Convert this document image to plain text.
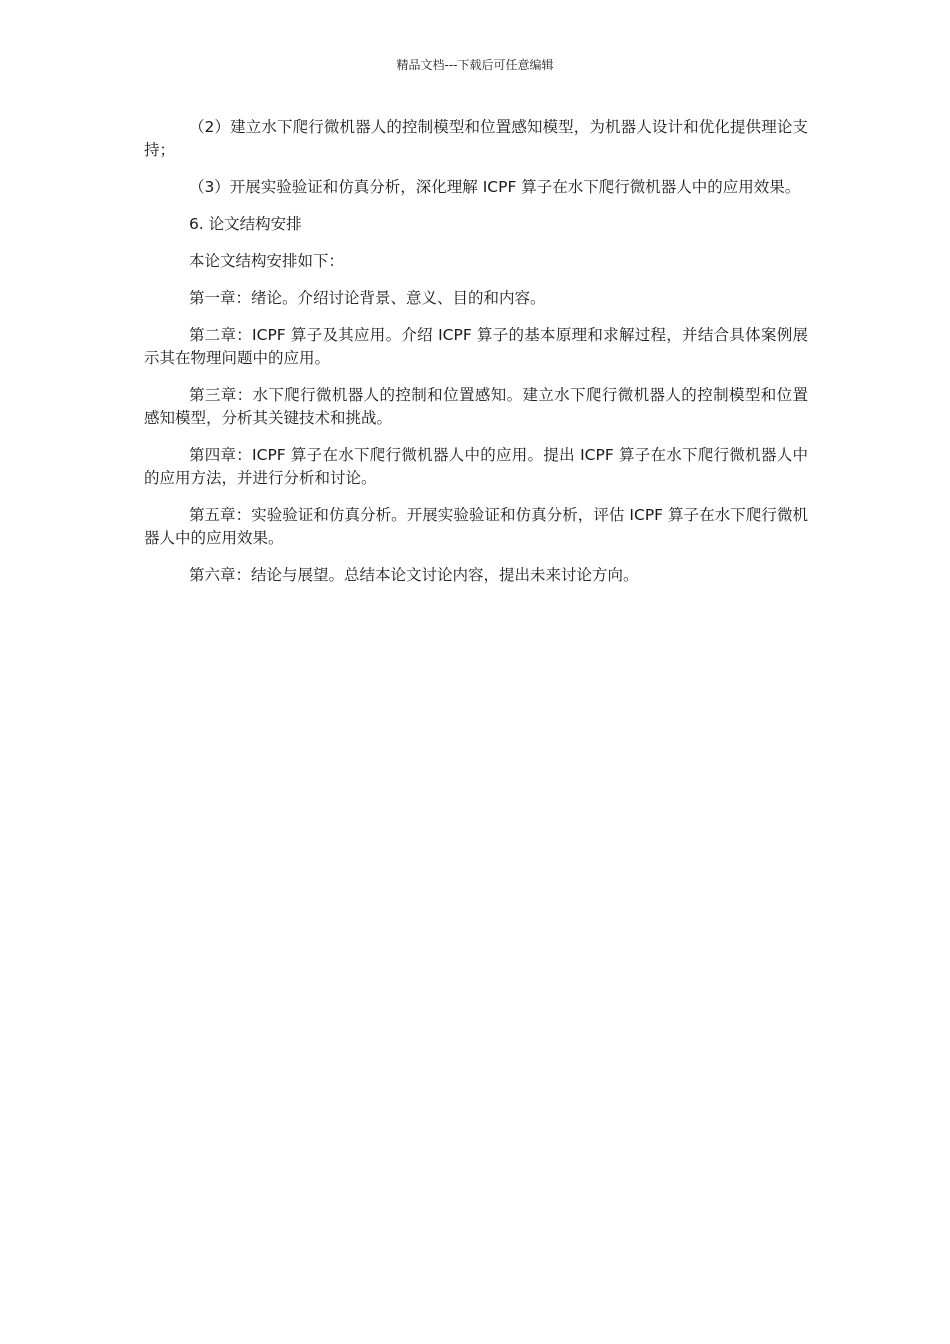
精品文档---下载后可任意编辑

（2）建立水下爬行微机器人的控制模型和位置感知模型，为机器人设计和优化提供理论支持；

（3）开展实验验证和仿真分析，深化理解 ICPF 算子在水下爬行微机器人中的应用效果。

6. 论文结构安排

本论文结构安排如下：

第一章：绪论。介绍讨论背景、意义、目的和内容。

第二章：ICPF 算子及其应用。介绍 ICPF 算子的基本原理和求解过程，并结合具体案例展示其在物理问题中的应用。

第三章：水下爬行微机器人的控制和位置感知。建立水下爬行微机器人的控制模型和位置感知模型，分析其关键技术和挑战。

第四章：ICPF 算子在水下爬行微机器人中的应用。提出 ICPF 算子在水下爬行微机器人中的应用方法，并进行分析和讨论。

第五章：实验验证和仿真分析。开展实验验证和仿真分析，评估 ICPF 算子在水下爬行微机器人中的应用效果。

第六章：结论与展望。总结本论文讨论内容，提出未来讨论方向。
